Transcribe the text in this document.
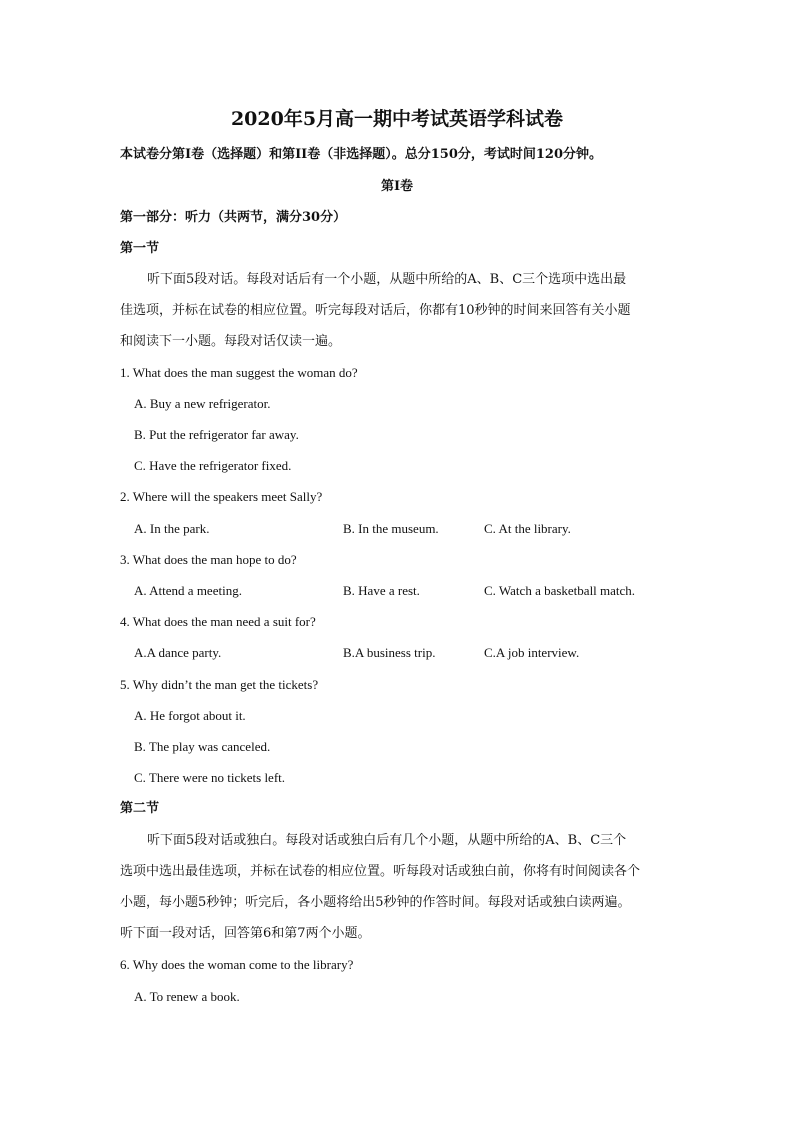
2020年5月高一期中考试英语学科试卷
本试卷分第I卷（选择题）和第II卷（非选择题）。总分150分，考试时间120分钟。
第I卷
第一部分：听力（共两节，满分30分）
第一节
听下面5段对话。每段对话后有一个小题，从题中所给的A、B、C三个选项中选出最
佳选项，并标在试卷的相应位置。听完每段对话后，你都有10秒钟的时间来回答有关小题
和阅读下一小题。每段对话仅读一遍。
1. What does the man suggest the woman do?
A. Buy a new refrigerator.
B. Put the refrigerator far away.
C. Have the refrigerator fixed.
2. Where will the speakers meet Sally?
A. In the park.	B. In the museum.	C. At the library.
3. What does the man hope to do?
A. Attend a meeting.	B. Have a rest.	C. Watch a basketball match.
4. What does the man need a suit for?
A.A dance party.	B.A business trip.	C.A job interview.
5. Why didn’t the man get the tickets?
A. He forgot about it.
B. The play was canceled.
C. There were no tickets left.
第二节
听下面5段对话或独白。每段对话或独白后有几个小题，从题中所给的A、B、C三个
选项中选出最佳选项，并标在试卷的相应位置。听每段对话或独白前，你将有时间阅读各个
小题，每小题5秒钟；听完后，各小题将给出5秒钟的作答时间。每段对话或独白读两遍。
听下面一段对话，回答第6和第7两个小题。
6. Why does the woman come to the library?
A. To renew a book.
